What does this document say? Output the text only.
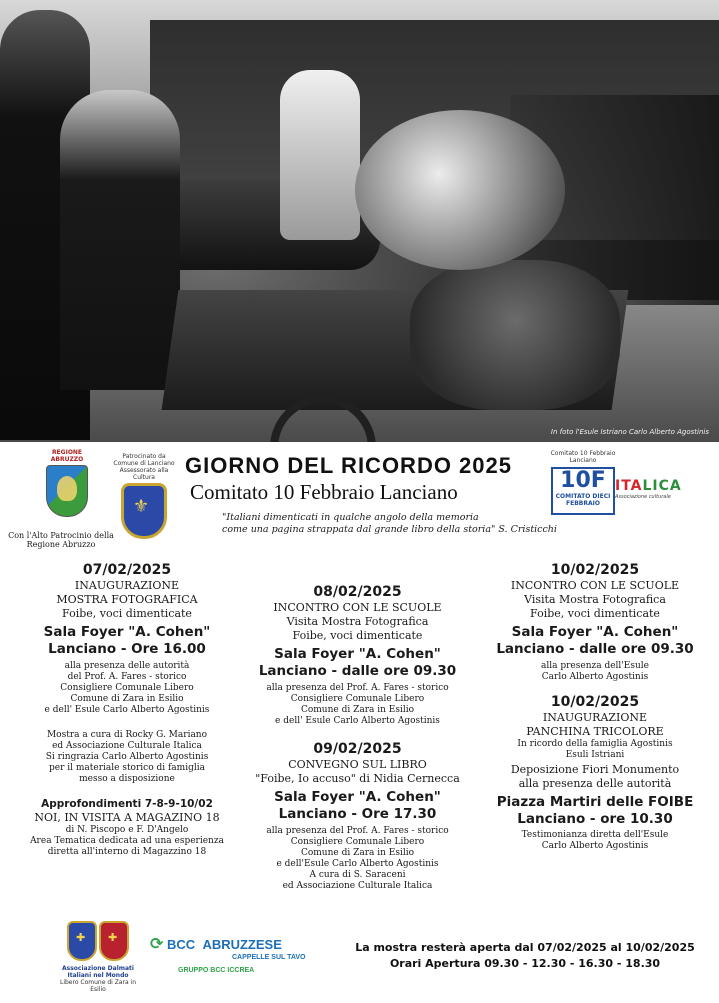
In foto l'Esule Istriano Carlo Alberto Agostinis
REGIONE ABRUZZO
Con l'Alto Patrocinio della Regione Abruzzo
Patrocinato da Comune di Lanciano Assessorato alla Cultura
⚜	GIORNO DEL RICORDO 2025
Comitato 10 Febbraio Lanciano
"Italiani dimenticati in qualche angolo della memoria
come una pagina strappata dal grande libro della storia" S. Cristicchi
Comitato 10 Febbraio Lanciano
10F
COMITATO DIECI FEBBRAIO
ITALICA
Associazione culturale
07/02/2025
INAUGURAZIONE
MOSTRA FOTOGRAFICA
Foibe, voci dimenticate
Sala Foyer "A. Cohen"
Lanciano - Ore 16.00
alla presenza delle autorità
del Prof. A. Fares - storico
Consigliere Comunale Libero
Comune di Zara in Esilio
e dell' Esule Carlo Alberto Agostinis
Mostra a cura di Rocky G. Mariano
ed Associazione Culturale Italica
Si ringrazia Carlo Alberto Agostinis
per il materiale storico di famiglia
messo a disposizione
Approfondimenti 7-8-9-10/02
NOI, IN VISITA A MAGAZINO 18
di N. Piscopo e F. D'Angelo
Area Tematica dedicata ad una esperienza
diretta all'interno di Magazzino 18
08/02/2025
INCONTRO CON LE SCUOLE
Visita Mostra Fotografica
Foibe, voci dimenticate
Sala Foyer "A. Cohen"
Lanciano - dalle ore 09.30
alla presenza del Prof. A. Fares - storico
Consigliere Comunale Libero
Comune di Zara in Esilio
e dell' Esule Carlo Alberto Agostinis
09/02/2025
CONVEGNO SUL LIBRO
"Foibe, Io accuso" di Nidia Cernecca
Sala Foyer "A. Cohen"
Lanciano - Ore 17.30
alla presenza del Prof. A. Fares - storico
Consigliere Comunale Libero
Comune di Zara in Esilio
e dell'Esule Carlo Alberto Agostinis
A cura di S. Saraceni
ed Associazione Culturale Italica
10/02/2025
INCONTRO CON LE SCUOLE
Visita Mostra Fotografica
Foibe, voci dimenticate
Sala Foyer "A. Cohen"
Lanciano - dalle ore 09.30
alla presenza dell'Esule
Carlo Alberto Agostinis
10/02/2025
INAUGURAZIONE
PANCHINA TRICOLORE
In ricordo della famiglia Agostinis
Esuli Istriani
Deposizione Fiori Monumento
alla presenza delle autorità
Piazza Martiri delle FOIBE
Lanciano - ore 10.30
Testimonianza diretta dell'Esule
Carlo Alberto Agostinis
✚✚
Associazione Dalmati
Italiani nel Mondo
Libero Comune di Zara in Esilio
⟳ BCC ABRUZZESE
CAPPELLE SUL TAVO
GRUPPO BCC ICCREA
La mostra resterà aperta dal 07/02/2025 al 10/02/2025
Orari Apertura 09.30 - 12.30 - 16.30 - 18.30
